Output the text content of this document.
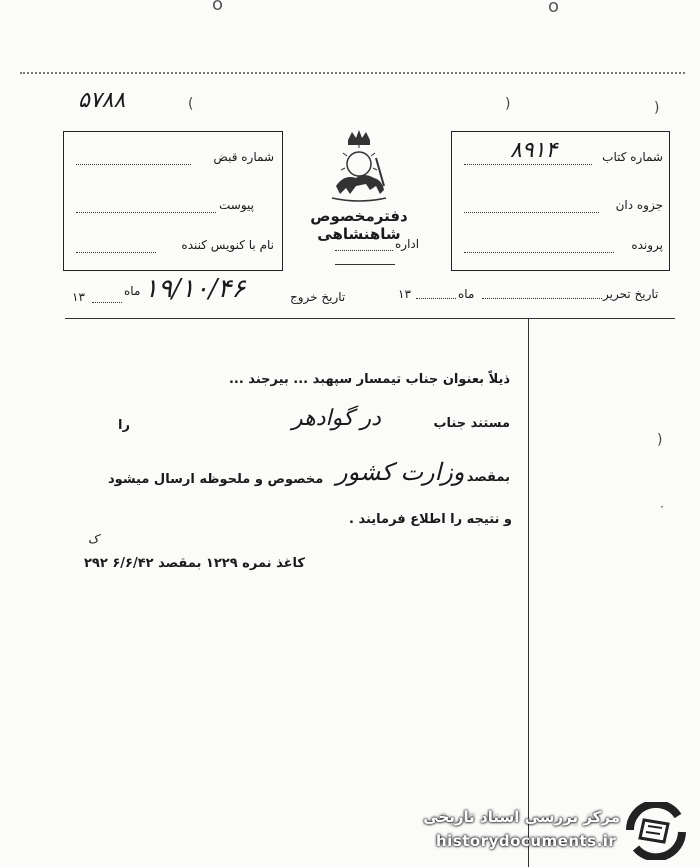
ο	ο
۵۷۸۸	(	)	)
شماره قبض
پیوست
نام با کنویس کننده
دفترمخصوص شاهنشاهی
اداره
شماره کتاب
۸۹۱۴
جزوه دان
پرونده
۱۳	ماه ۱۹/۱۰/۴۶	تاریخ خروج	۱۳	ماه	تاریخ تحریر
)
·
ذیلاً بعنوان جناب تیمسار سپهبد ... بیرجند ...
مستند جناب
در گوادهر
را
بمقصد
وزارت کشور
مخصوص و ملحوظه ارسال میشود
و نتیجه را اطلاع فرمایند .
ک
کاغذ نمره ۱۲۲۹ بمقصد ۶/۶/۴۲ ۲۹۲
مرکز بررسی اسناد تاریخی
historydocuments.ir
